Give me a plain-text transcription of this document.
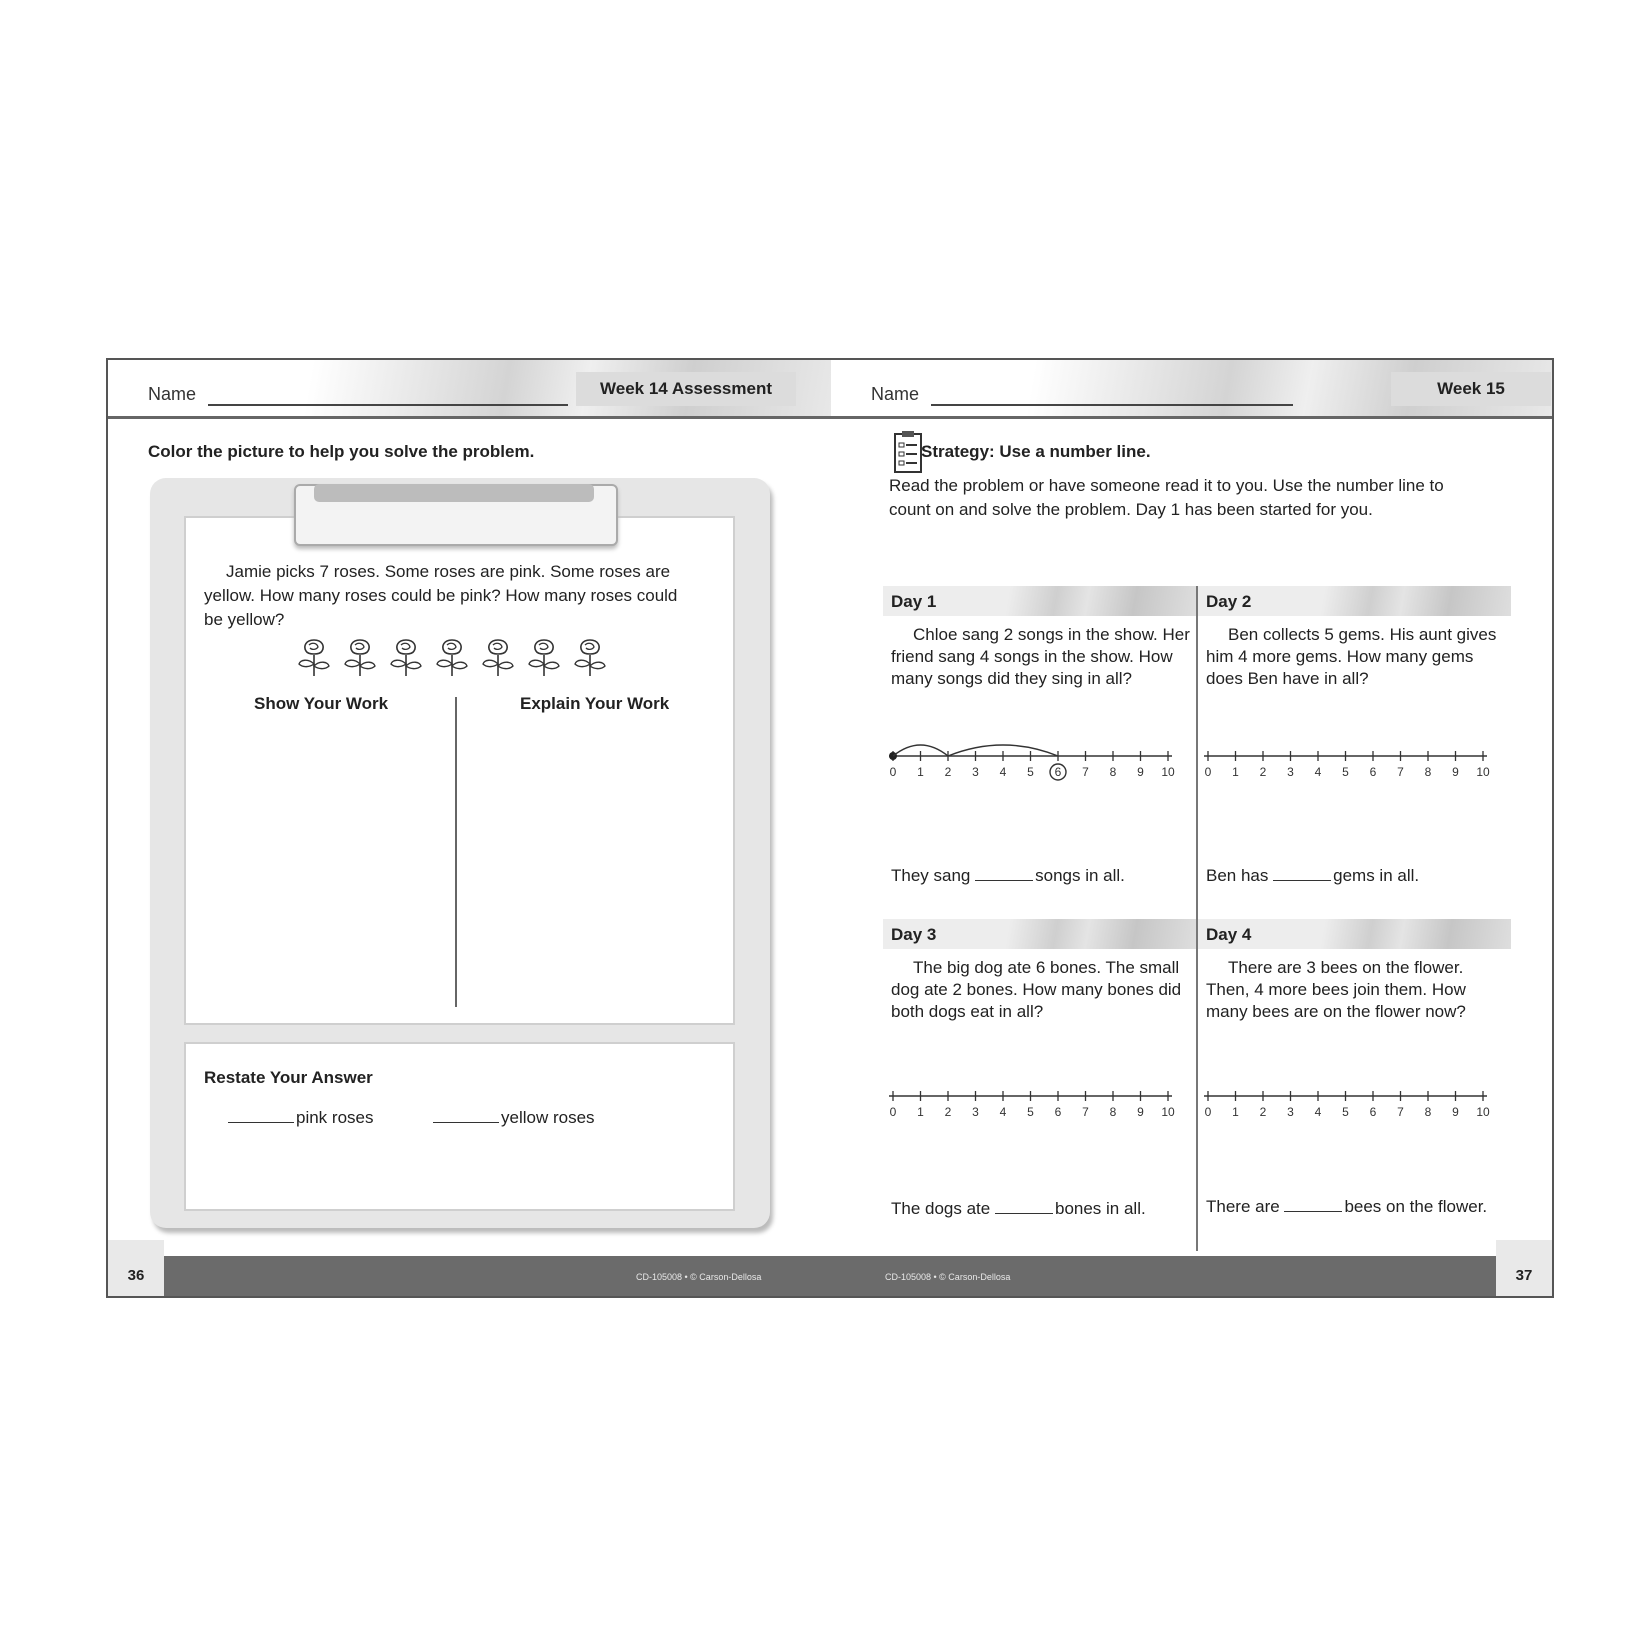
Name	Week 14 Assessment
Color the picture to help you solve the problem.
Jamie picks 7 roses. Some roses are pink. Some roses are yellow. How many roses could be pink? How many roses could be yellow?
Show Your Work	Explain Your Work
Restate Your Answer
pink roses	yellow roses
36	CD-105008 • © Carson-Dellosa
Name	Week 15
Strategy: Use a number line.
Read the problem or have someone read it to you. Use the number line to count on and solve the problem. Day 1 has been started for you.
Day 1
Chloe sang 2 songs in the show. Her friend sang 4 songs in the show. How many songs did they sing in all?
0 1 2 3 4 5 6 7 8 9 10
They sang	songs in all.
Day 2
Ben collects 5 gems. His aunt gives him 4 more gems. How many gems does Ben have in all?
0 1 2 3 4 5 6 7 8 9 10
Ben has	gems in all.
Day 3
The big dog ate 6 bones. The small dog ate 2 bones. How many bones did both dogs eat in all?
0 1 2 3 4 5 6 7 8 9 10
The dogs ate	bones in all.
Day 4
There are 3 bees on the flower. Then, 4 more bees join them. How many bees are on the flower now?
0 1 2 3 4 5 6 7 8 9 10
There are	bees on the flower.
37
CD-105008 • © Carson-Dellosa
